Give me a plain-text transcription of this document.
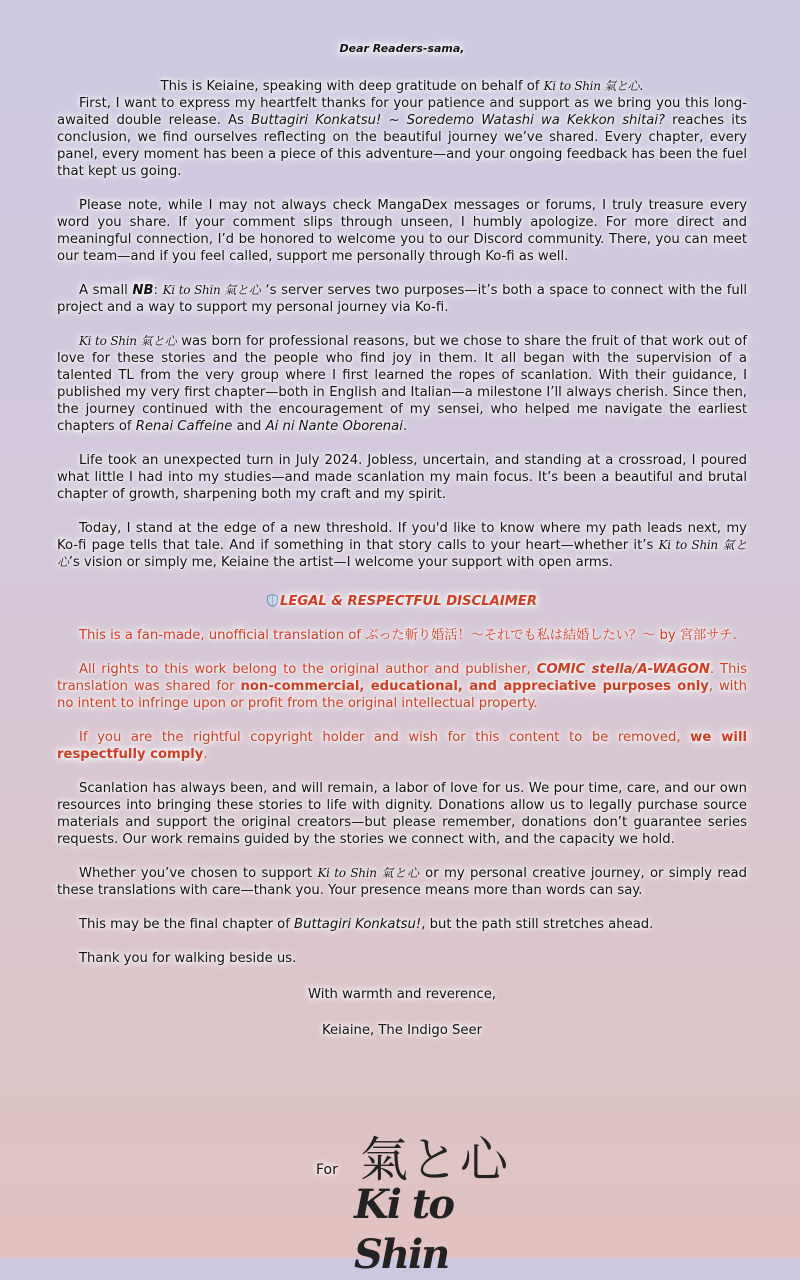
Dear Readers-sama,

This is Keiaine, speaking with deep gratitude on behalf of Ki to Shin 氣と心.

First, I want to express my heartfelt thanks for your patience and support as we bring you this long-awaited double release. As Buttagiri Konkatsu! ~ Soredemo Watashi wa Kekkon shitai? reaches its conclusion, we find ourselves reflecting on the beautiful journey we’ve shared. Every chapter, every panel, every moment has been a piece of this adventure—and your ongoing feedback has been the fuel that kept us going.

Please note, while I may not always check MangaDex messages or forums, I truly treasure every word you share. If your comment slips through unseen, I humbly apologize. For more direct and meaningful connection, I’d be honored to welcome you to our Discord community. There, you can meet our team—and if you feel called, support me personally through Ko-fi as well.

A small NB: Ki to Shin 氣と心 ‘s server serves two purposes—it’s both a space to connect with the full project and a way to support my personal journey via Ko-fi.

Ki to Shin 氣と心 was born for professional reasons, but we chose to share the fruit of that work out of love for these stories and the people who find joy in them. It all began with the supervision of a talented TL from the very group where I first learned the ropes of scanlation. With their guidance, I published my very first chapter—both in English and Italian—a milestone I’ll always cherish. Since then, the journey continued with the encouragement of my sensei, who helped me navigate the earliest chapters of Renai Caffeine and Ai ni Nante Oborenai.

Life took an unexpected turn in July 2024. Jobless, uncertain, and standing at a crossroad, I poured what little I had into my studies—and made scanlation my main focus. It’s been a beautiful and brutal chapter of growth, sharpening both my craft and my spirit.

Today, I stand at the edge of a new threshold. If you'd like to know where my path leads next, my Ko-fi page tells that tale. And if something in that story calls to your heart—whether it’s Ki to Shin 氣と心’s vision or simply me, Keiaine the artist—I welcome your support with open arms.

LEGAL & RESPECTFUL DISCLAIMER

This is a fan-made, unofficial translation of ぶった斬り婚活！〜それでも私は結婚したい？〜 by 宮部サチ.

All rights to this work belong to the original author and publisher, COMIC stella/A-WAGON. This translation was shared for non-commercial, educational, and appreciative purposes only, with no intent to infringe upon or profit from the original intellectual property.

If you are the rightful copyright holder and wish for this content to be removed, we will respectfully comply.

Scanlation has always been, and will remain, a labor of love for us. We pour time, care, and our own resources into bringing these stories to life with dignity. Donations allow us to legally purchase source materials and support the original creators—but please remember, donations don’t guarantee series requests. Our work remains guided by the stories we connect with, and the capacity we hold.

Whether you’ve chosen to support Ki to Shin 氣と心 or my personal creative journey, or simply read these translations with care—thank you. Your presence means more than words can say.

This may be the final chapter of Buttagiri Konkatsu!, but the path still stretches ahead.

Thank you for walking beside us.

With warmth and reverence,

Keiaine, The Indigo Seer

For 氣と心
Ki to Shin
